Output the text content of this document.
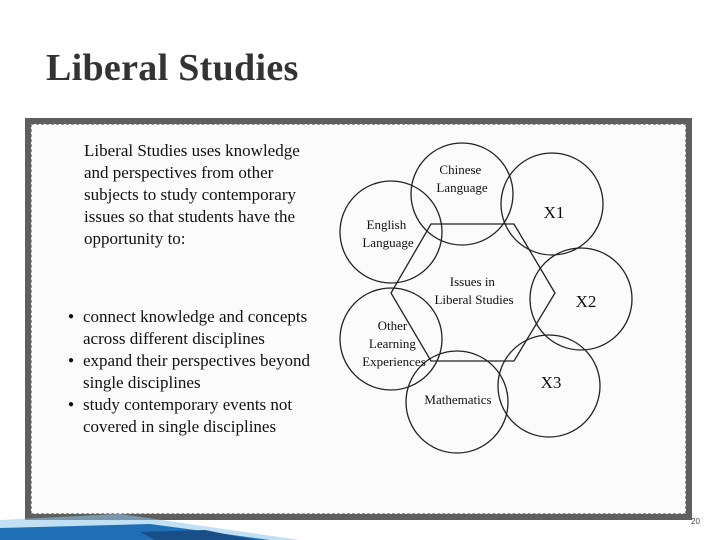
Liberal Studies

Liberal Studies uses knowledge and perspectives from other subjects to study contemporary issues so that students have the opportunity to:

● connect knowledge and concepts across different disciplines
● expand their perspectives beyond single disciplines
● study contemporary events not covered in single disciplines
Issues in Liberal Studies
Chinese Language
X1
X2
X3
Mathematics
Other Learning Experiences
English Language
20
